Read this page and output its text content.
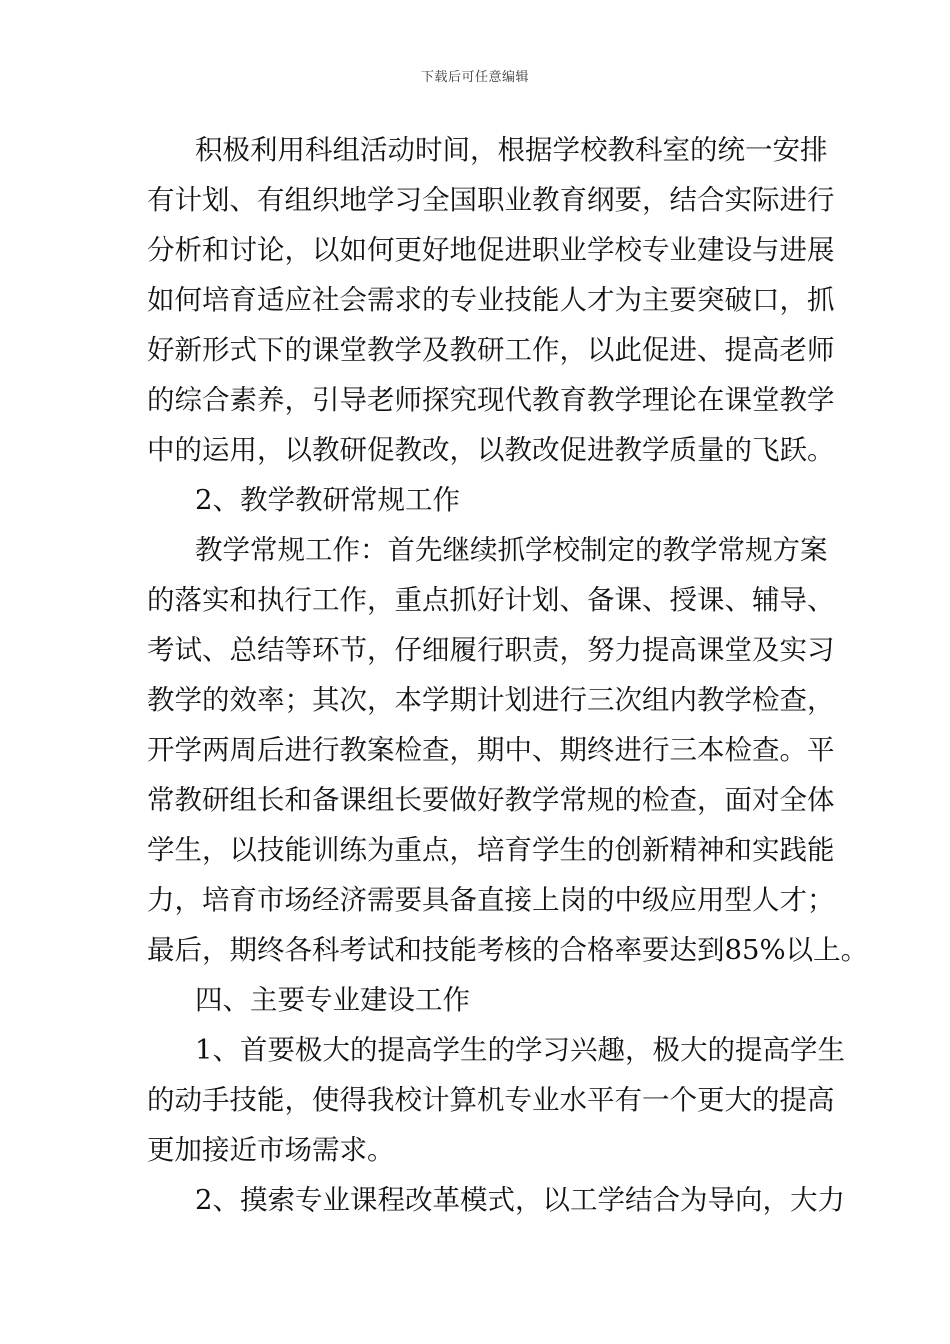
下载后可任意编辑
积极利用科组活动时间，根据学校教科室的统一安排
有计划、有组织地学习全国职业教育纲要，结合实际进行
分析和讨论，以如何更好地促进职业学校专业建设与进展
如何培育适应社会需求的专业技能人才为主要突破口，抓
好新形式下的课堂教学及教研工作，以此促进、提高老师
的综合素养，引导老师探究现代教育教学理论在课堂教学
中的运用，以教研促教改，以教改促进教学质量的飞跃。
2、教学教研常规工作
教学常规工作：首先继续抓学校制定的教学常规方案
的落实和执行工作，重点抓好计划、备课、授课、辅导、
考试、总结等环节，仔细履行职责，努力提高课堂及实习
教学的效率；其次，本学期计划进行三次组内教学检查，
开学两周后进行教案检查，期中、期终进行三本检查。平
常教研组长和备课组长要做好教学常规的检查，面对全体
学生，以技能训练为重点，培育学生的创新精神和实践能
力，培育市场经济需要具备直接上岗的中级应用型人才；
最后，期终各科考试和技能考核的合格率要达到85%以上。
四、主要专业建设工作
1、首要极大的提高学生的学习兴趣，极大的提高学生
的动手技能，使得我校计算机专业水平有一个更大的提高
更加接近市场需求。
2、摸索专业课程改革模式，以工学结合为导向，大力
